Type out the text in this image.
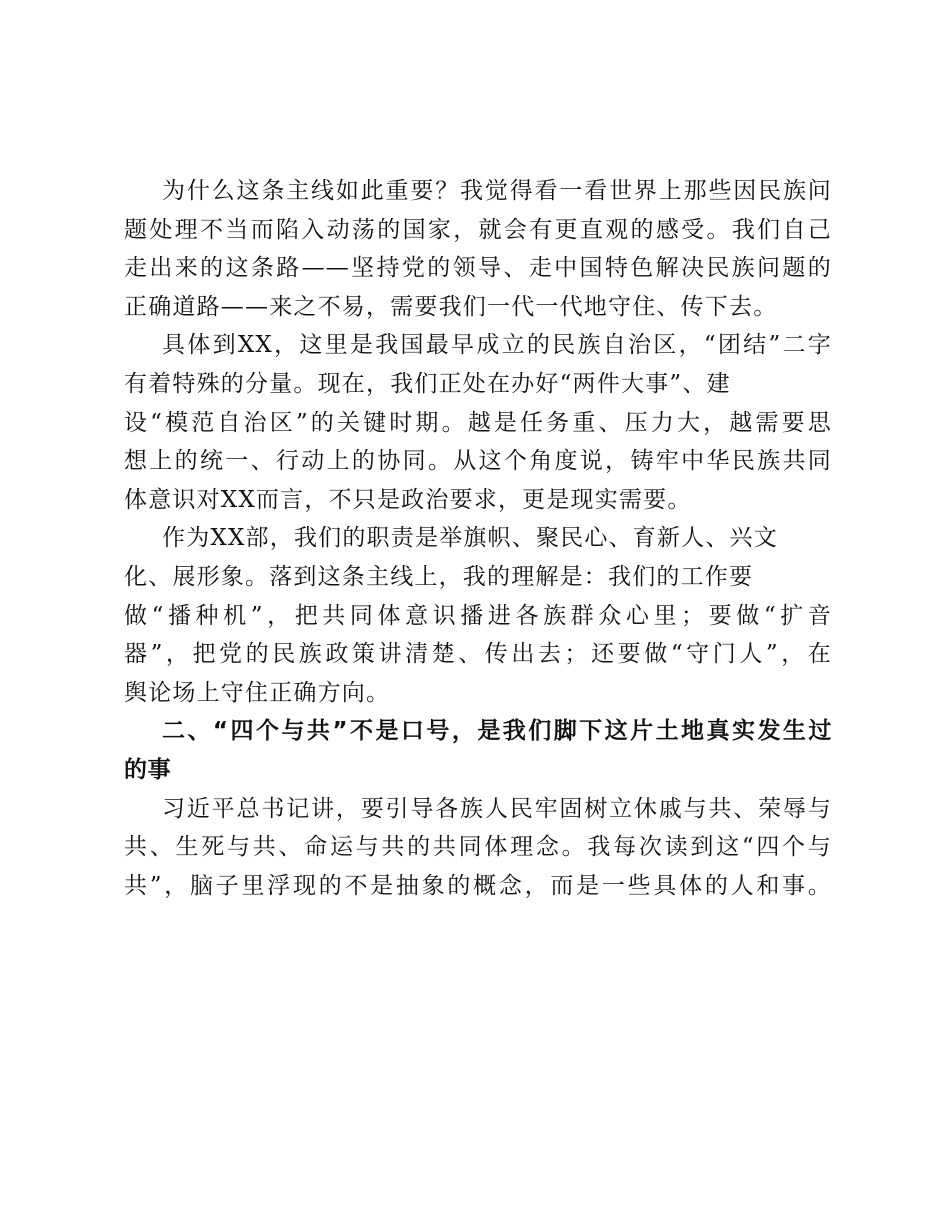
为什么这条主线如此重要？我觉得看一看世界上那些因民族问
题处理不当而陷入动荡的国家，就会有更直观的感受。我们自己
走出来的这条路——坚持党的领导、走中国特色解决民族问题的
正确道路——来之不易，需要我们一代一代地守住、传下去。
具体到XX，这里是我国最早成立的民族自治区，“团结”二字
有着特殊的分量。现在，我们正处在办好“两件大事”、建
设“模范自治区”的关键时期。越是任务重、压力大，越需要思
想上的统一、行动上的协同。从这个角度说，铸牢中华民族共同
体意识对XX而言，不只是政治要求，更是现实需要。
作为XX部，我们的职责是举旗帜、聚民心、育新人、兴文
化、展形象。落到这条主线上，我的理解是：我们的工作要
做“播种机”，把共同体意识播进各族群众心里；要做“扩音
器”，把党的民族政策讲清楚、传出去；还要做“守门人”，在
舆论场上守住正确方向。
二、“四个与共”不是口号，是我们脚下这片土地真实发生过
的事
习近平总书记讲，要引导各族人民牢固树立休戚与共、荣辱与
共、生死与共、命运与共的共同体理念。我每次读到这“四个与
共”，脑子里浮现的不是抽象的概念，而是一些具体的人和事。
